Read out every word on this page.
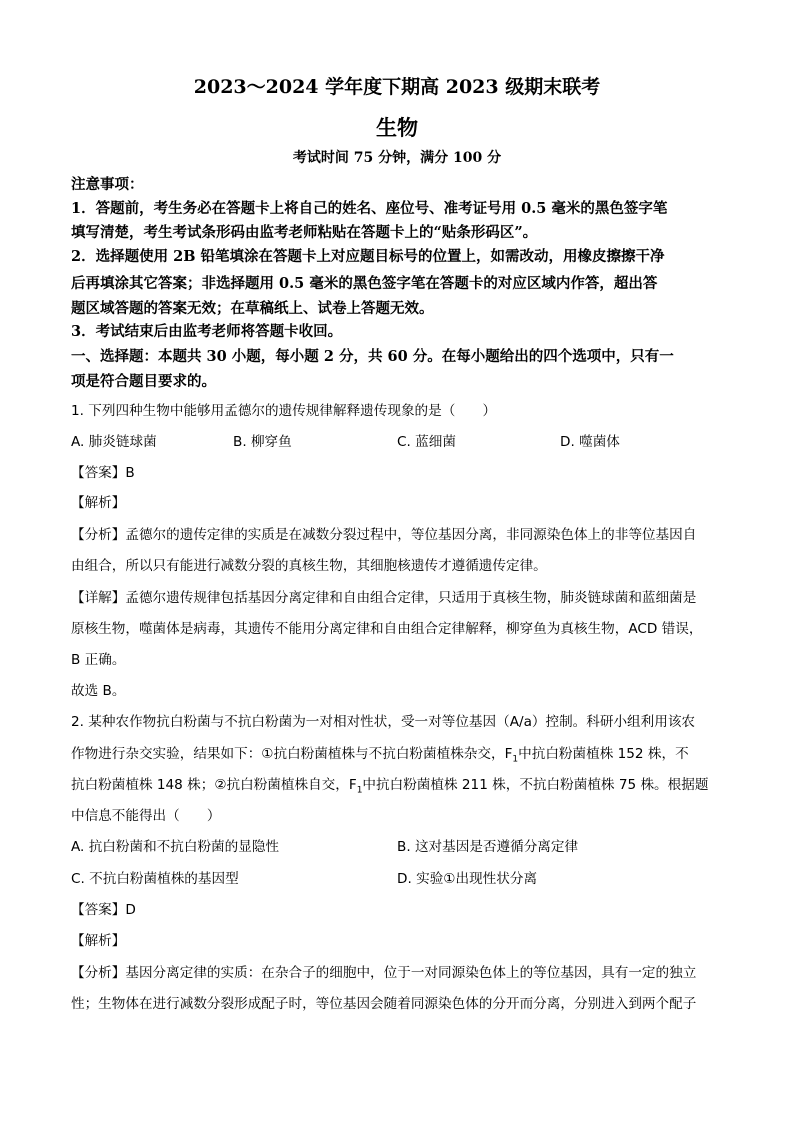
2023～2024 学年度下期高 2023 级期末联考
生物
考试时间 75 分钟，满分 100 分
注意事项：
1．答题前，考生务必在答题卡上将自己的姓名、座位号、准考证号用 0.5 毫米的黑色签字笔
填写清楚，考生考试条形码由监考老师粘贴在答题卡上的“贴条形码区”。
2．选择题使用 2B 铅笔填涂在答题卡上对应题目标号的位置上，如需改动，用橡皮擦擦干净
后再填涂其它答案；非选择题用 0.5 毫米的黑色签字笔在答题卡的对应区域内作答，超出答
题区域答题的答案无效；在草稿纸上、试卷上答题无效。
3．考试结束后由监考老师将答题卡收回。
一、选择题：本题共 30 小题，每小题 2 分，共 60 分。在每小题给出的四个选项中，只有一
项是符合题目要求的。
1. 下列四种生物中能够用孟德尔的遗传规律解释遗传现象的是（　　）
A. 肺炎链球菌	B. 柳穿鱼	C. 蓝细菌	D. 噬菌体
【答案】B
【解析】
【分析】孟德尔的遗传定律的实质是在减数分裂过程中，等位基因分离，非同源染色体上的非等位基因自
由组合，所以只有能进行减数分裂的真核生物，其细胞核遗传才遵循遗传定律。
【详解】孟德尔遗传规律包括基因分离定律和自由组合定律，只适用于真核生物，肺炎链球菌和蓝细菌是
原核生物，噬菌体是病毒，其遗传不能用分离定律和自由组合定律解释，柳穿鱼为真核生物，ACD 错误，
B 正确。
故选 B。
2. 某种农作物抗白粉菌与不抗白粉菌为一对相对性状，受一对等位基因（A/a）控制。科研小组利用该农
作物进行杂交实验，结果如下：①抗白粉菌植株与不抗白粉菌植株杂交，$F_1$中抗白粉菌植株 152 株，不
抗白粉菌植株 148 株；②抗白粉菌植株自交，$F_1$中抗白粉菌植株 211 株，不抗白粉菌植株 75 株。根据题
中信息不能得出（　　）
A. 抗白粉菌和不抗白粉菌的显隐性	B. 这对基因是否遵循分离定律
C. 不抗白粉菌植株的基因型	D. 实验①出现性状分离
【答案】D
【解析】
【分析】基因分离定律的实质：在杂合子的细胞中，位于一对同源染色体上的等位基因，具有一定的独立
性；生物体在进行减数分裂形成配子时，等位基因会随着同源染色体的分开而分离，分别进入到两个配子
